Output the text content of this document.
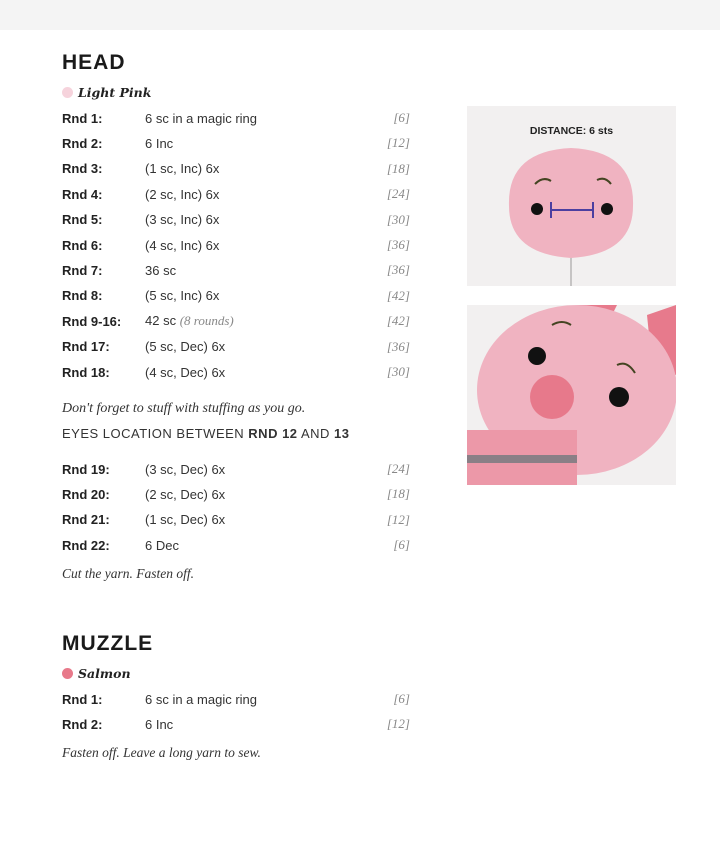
HEAD
Light Pink
Rnd 1:	6 sc in a magic ring	[6]
Rnd 2:	6 Inc	[12]
Rnd 3:	(1 sc, Inc) 6x	[18]
Rnd 4:	(2 sc, Inc) 6x	[24]
Rnd 5:	(3 sc, Inc) 6x	[30]
Rnd 6:	(4 sc, Inc) 6x	[36]
Rnd 7:	36 sc	[36]
Rnd 8:	(5 sc, Inc) 6x	[42]
Rnd 9-16:	42 sc (8 rounds)	[42]
Rnd 17:	(5 sc, Dec) 6x	[36]
Rnd 18:	(4 sc, Dec) 6x	[30]
Don't forget to stuff with stuffing as you go.
EYES LOCATION BETWEEN RND 12 AND 13
Rnd 19:	(3 sc, Dec) 6x	[24]
Rnd 20:	(2 sc, Dec) 6x	[18]
Rnd 21:	(1 sc, Dec) 6x	[12]
Rnd 22:	6 Dec	[6]
Cut the yarn. Fasten off.
MUZZLE
Salmon
Rnd 1:	6 sc in a magic ring	[6]
Rnd 2:	6 Inc	[12]
Fasten off. Leave a long yarn to sew.
DISTANCE: 6 sts
